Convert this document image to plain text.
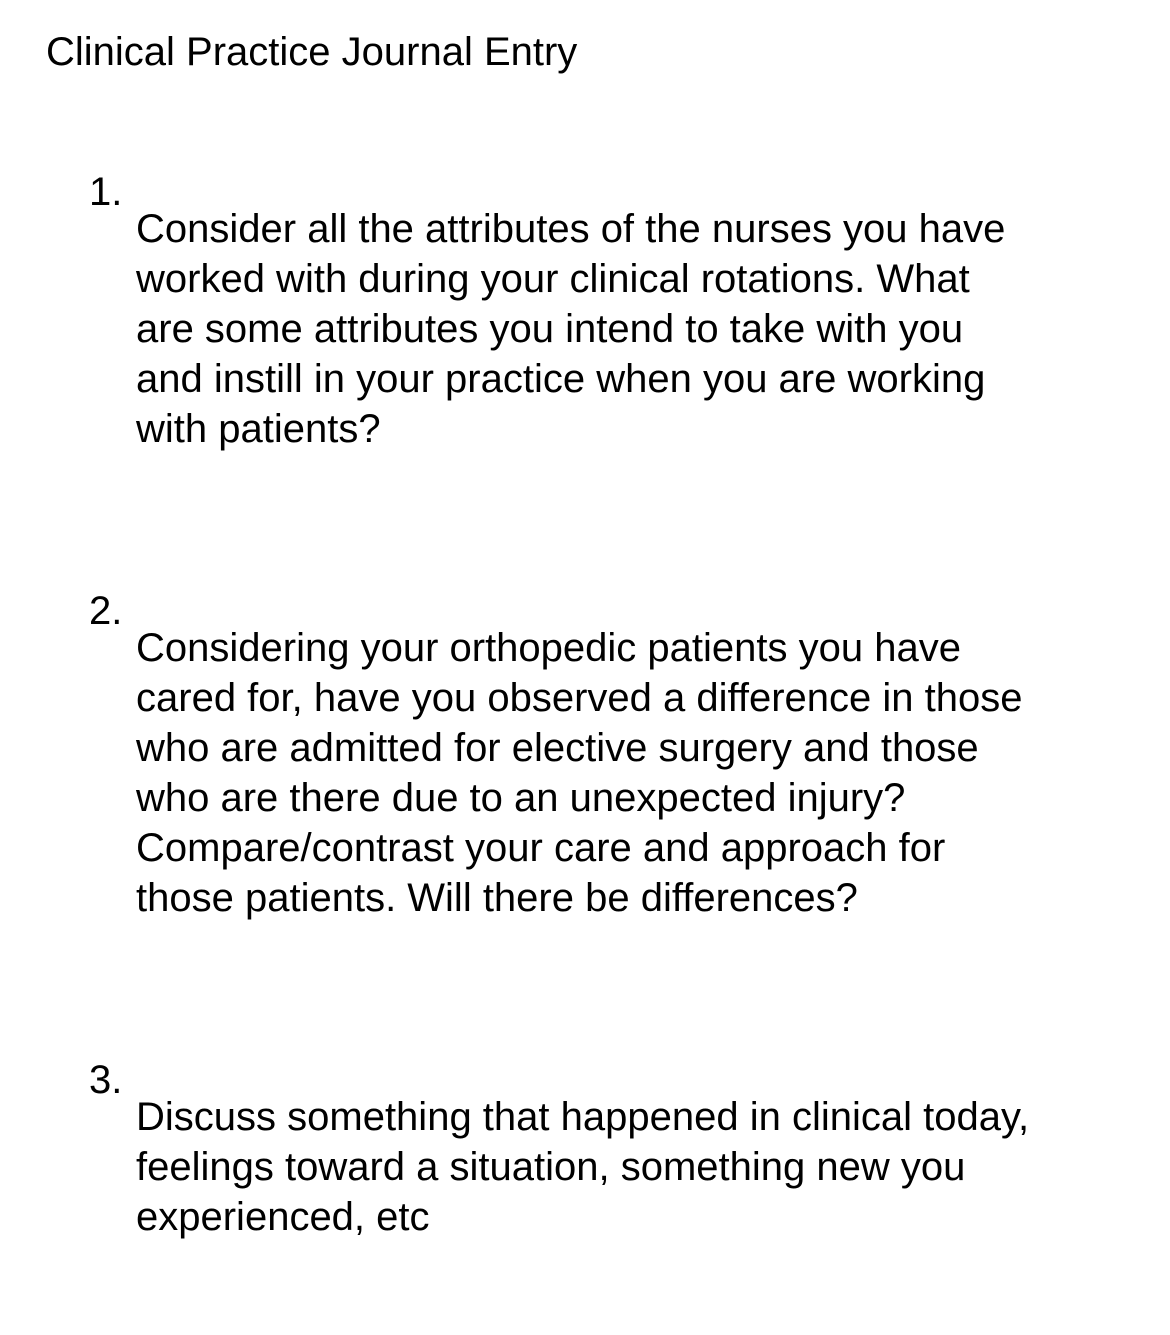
Clinical Practice Journal Entry
1.

Consider all the attributes of the nurses you have
worked with during your clinical rotations. What
are some attributes you intend to take with you
and instill in your practice when you are working
with patients?

2.

Considering your orthopedic patients you have
cared for, have you observed a difference in those
who are admitted for elective surgery and those
who are there due to an unexpected injury?
Compare/contrast your care and approach for
those patients. Will there be differences?

3.

Discuss something that happened in clinical today,
feelings toward a situation, something new you
experienced, etc
